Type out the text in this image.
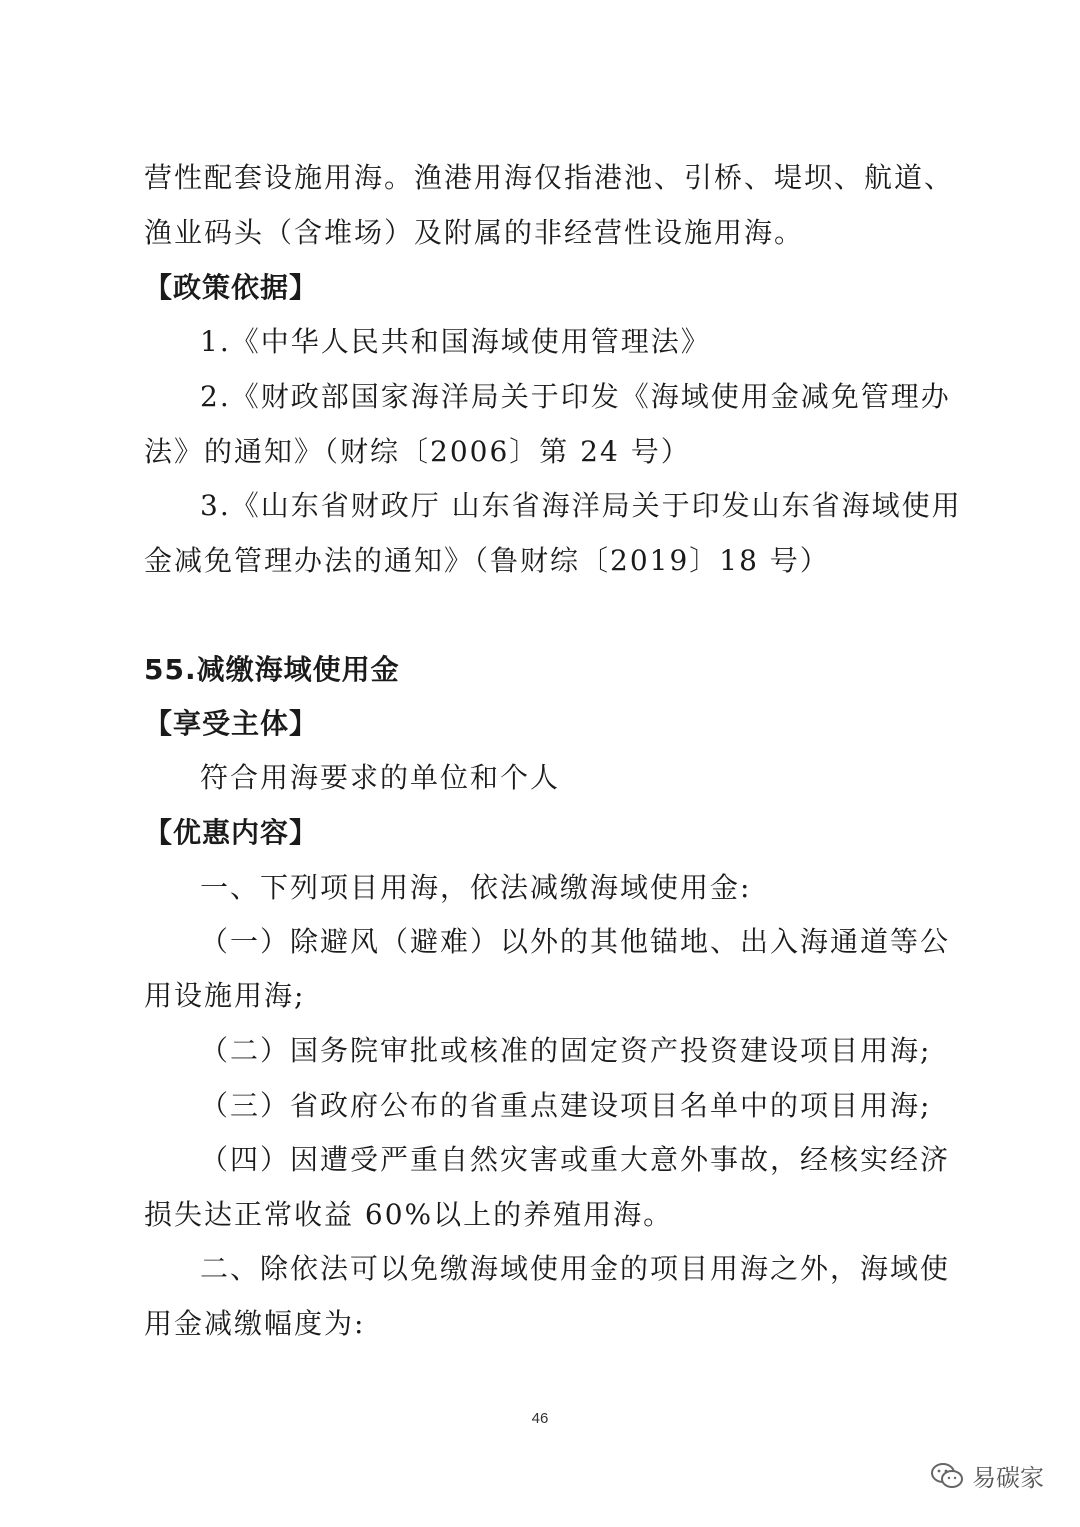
营性配套设施用海。渔港用海仅指港池、引桥、堤坝、航道、
渔业码头（含堆场）及附属的非经营性设施用海。
【政策依据】
1.《中华人民共和国海域使用管理法》
2.《财政部国家海洋局关于印发《海域使用金减免管理办
法》的通知》（财综〔2006〕第 24 号）
3.《山东省财政厅 山东省海洋局关于印发山东省海域使用
金减免管理办法的通知》（鲁财综〔2019〕18 号）
55.减缴海域使用金
【享受主体】
符合用海要求的单位和个人
【优惠内容】
一、下列项目用海，依法减缴海域使用金:
（一）除避风（避难）以外的其他锚地、出入海通道等公
用设施用海;
（二）国务院审批或核准的固定资产投资建设项目用海;
（三）省政府公布的省重点建设项目名单中的项目用海;
（四）因遭受严重自然灾害或重大意外事故，经核实经济
损失达正常收益 60%以上的养殖用海。
二、除依法可以免缴海域使用金的项目用海之外，海域使
用金减缴幅度为:
46
易碳家
